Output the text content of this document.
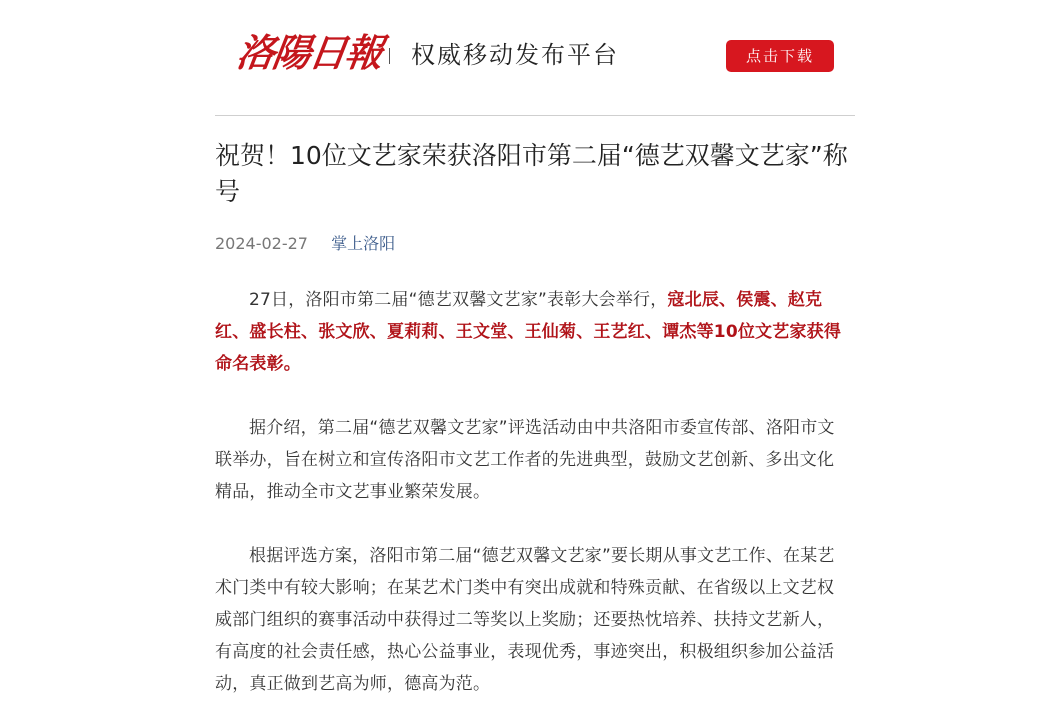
洛陽日報 权威移动发布平台	点击下载
祝贺！10位文艺家荣获洛阳市第二届“德艺双馨文艺家”称号
2024-02-27 掌上洛阳

27日，洛阳市第二届“德艺双馨文艺家”表彰大会举行，寇北辰、侯震、赵克红、盛长柱、张文欣、夏莉莉、王文堂、王仙菊、王艺红、谭杰等10位文艺家获得命名表彰。

据介绍，第二届“德艺双馨文艺家”评选活动由中共洛阳市委宣传部、洛阳市文联举办，旨在树立和宣传洛阳市文艺工作者的先进典型，鼓励文艺创新、多出文化精品，推动全市文艺事业繁荣发展。

根据评选方案，洛阳市第二届“德艺双馨文艺家”要长期从事文艺工作、在某艺术门类中有较大影响；在某艺术门类中有突出成就和特殊贡献、在省级以上文艺权威部门组织的赛事活动中获得过二等奖以上奖励；还要热忱培养、扶持文艺新人，有高度的社会责任感，热心公益事业，表现优秀，事迹突出，积极组织参加公益活动，真正做到艺高为师，德高为范。
